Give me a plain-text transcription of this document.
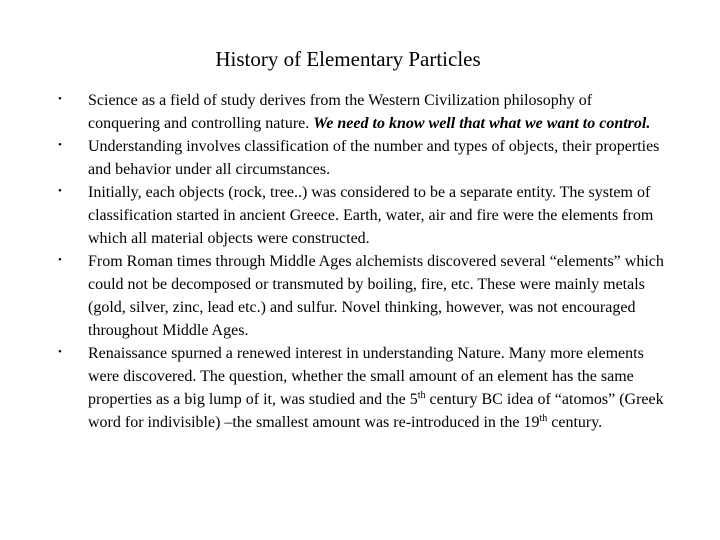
History of Elementary Particles
• Science as a field of study derives from the Western Civilization philosophy of conquering and controlling nature. We need to know well that what we want to control.
• Understanding involves classification of the number and types of objects, their properties and behavior under all circumstances.
• Initially, each objects (rock, tree..) was considered to be a separate entity. The system of classification started in ancient Greece. Earth, water, air and fire were the elements from which all material objects were constructed.
• From Roman times through Middle Ages alchemists discovered several “elements” which could not be decomposed or transmuted by boiling, fire, etc. These were mainly metals (gold, silver, zinc, lead etc.) and sulfur. Novel thinking, however, was not encouraged throughout Middle Ages.
• Renaissance spurned a renewed interest in understanding Nature. Many more elements were discovered. The question, whether the small amount of an element has the same properties as a big lump of it, was studied and the 5th century BC idea of “atomos” (Greek word for indivisible) –the smallest amount was re-introduced in the 19th century.
